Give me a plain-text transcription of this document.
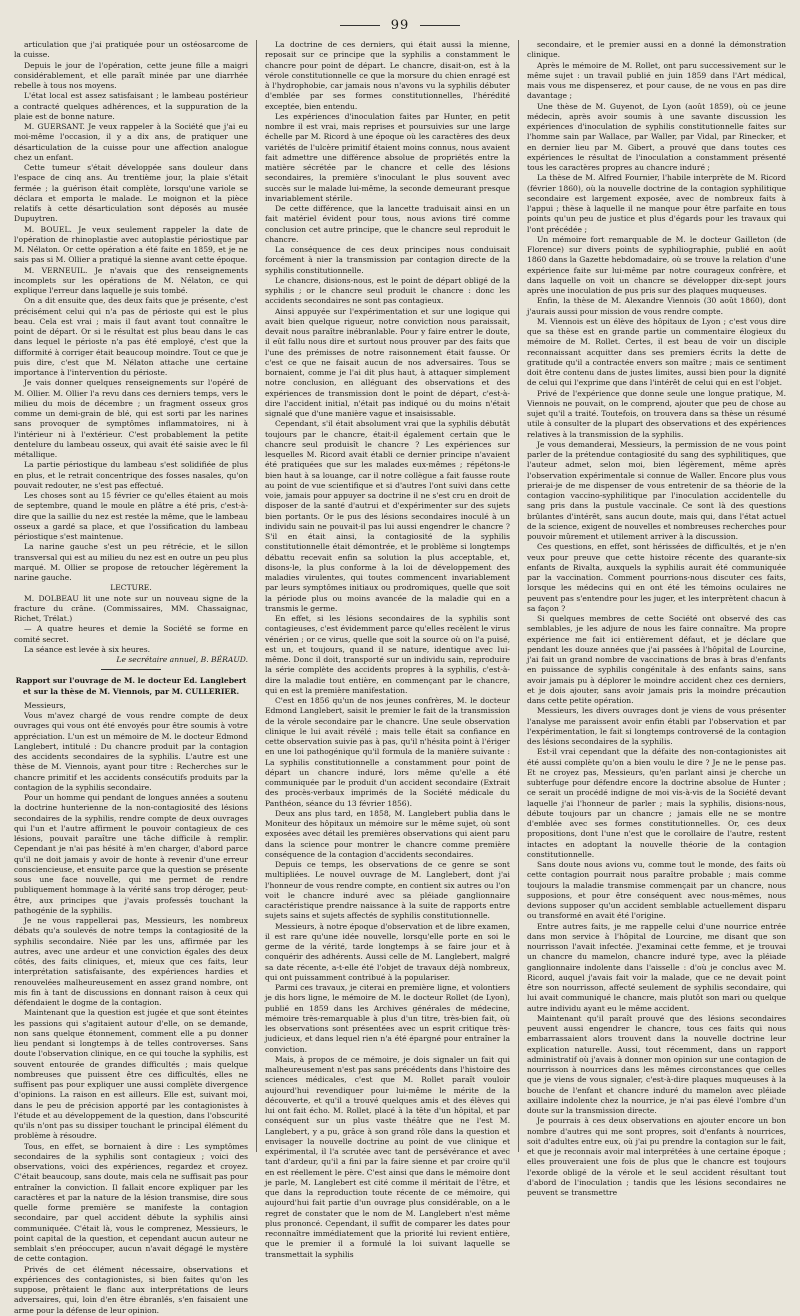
99

articulation que j'ai pratiquée pour un ostéosarcome de la cuisse.

Depuis le jour de l'opération, cette jeune fille a maigri considérablement, et elle paraît minée par une diarrhée rebelle à tous nos moyens.

L'état local est assez satisfaisant ; le lambeau postérieur a contracté quelques adhérences, et la suppuration de la plaie est de bonne nature.

M. GUERSANT. Je veux rappeler à la Société que j'ai eu moi-même l'occasion, il y a dix ans, de pratiquer une désarticulation de la cuisse pour une affection analogue chez un enfant.

Cette tumeur s'était développée sans douleur dans l'espace de cinq ans. Au trentième jour, la plaie s'était fermée ; la guérison était complète, lorsqu'une variole se déclara et emporta le malade. Le moignon et la pièce relatifs à cette désarticulation sont déposés au musée Dupuytren.

M. BOUEL. Je veux seulement rappeler la date de l'opération de rhinoplastie avec autoplastie périostique par M. Nélaton. Or cette opération a été faite en 1859, et je ne sais pas si M. Ollier a pratiqué la sienne avant cette époque.

M. VERNEUIL. Je n'avais que des renseignements incomplets sur les opérations de M. Nélaton, ce qui explique l'erreur dans laquelle je suis tombé.

On a dit ensuite que, des deux faits que je présente, c'est précisément celui qui n'a pas de périoste qui est le plus beau. Cela est vrai ; mais il faut avant tout connaître le point de départ. Or si le résultat est plus beau dans le cas dans lequel le périoste n'a pas été employé, c'est que la difformité à corriger était beaucoup moindre. Tout ce que je puis dire, c'est que M. Nélaton attache une certaine importance à l'intervention du périoste.

Je vais donner quelques renseignements sur l'opéré de M. Ollier. M. Ollier l'a revu dans ces derniers temps, vers le milieu du mois de décembre ; un fragment osseux gros comme un demi-grain de blé, qui est sorti par les narines sans provoquer de symptômes inflammatoires, ni à l'intérieur ni à l'extérieur. C'est probablement la petite dentelure du lambeau osseux, qui avait été saisie avec le fil métallique.

La partie périostique du lambeau s'est solidifiée de plus en plus, et le retrait concentrique des fosses nasales, qu'on pouvait redouter, ne s'est pas effectué.

Les choses sont au 15 février ce qu'elles étaient au mois de septembre, quand le moule en plâtre a été pris, c'est-à-dire que la saillie du nez est restée la même, que le lambeau osseux a gardé sa place, et que l'ossification du lambeau périostique s'est maintenue.

La narine gauche s'est un peu rétrécie, et le sillon transversal qui est au milieu du nez est en outre un peu plus marqué. M. Ollier se propose de retoucher légèrement la narine gauche.

LECTURE.

M. DOLBEAU lit une note sur un nouveau signe de la fracture du crâne. (Commissaires, MM. Chassaignac, Richet, Trélat.)

— A quatre heures et demie la Société se forme en comité secret.

La séance est levée à six heures.

Le secrétaire annuel, B. BÉRAUD.

Rapport sur l'ouvrage de M. le docteur Ed. Langlebert et sur la thèse de M. Viennois, par M. CULLERIER.

Messieurs,

Vous m'avez chargé de vous rendre compte de deux ouvrages qui vous ont été envoyés pour être soumis à votre appréciation. L'un est un mémoire de M. le docteur Edmond Langlebert, intitulé : Du chancre produit par la contagion des accidents secondaires de la syphilis. L'autre est une thèse de M. Viennois, ayant pour titre : Recherches sur le chancre primitif et les accidents consécutifs produits par la contagion de la syphilis secondaire.

Pour un homme qui pendant de longues années a soutenu la doctrine hunterienne de la non-contagiosité des lésions secondaires de la syphilis, rendre compte de deux ouvrages qui l'un et l'autre affirment le pouvoir contagieux de ces lésions, pouvait paraître une tâche difficile à remplir. Cependant je n'ai pas hésité à m'en charger, d'abord parce qu'il ne doit jamais y avoir de honte à revenir d'une erreur consciencieuse, et ensuite parce que la question se présente sous une face nouvelle, qui me permet de rendre publiquement hommage à la vérité sans trop déroger, peut-être, aux principes que j'avais professés touchant la pathogénie de la syphilis.

Je ne vous rappellerai pas, Messieurs, les nombreux débats qu'a soulevés de notre temps la contagiosité de la syphilis secondaire. Niée par les uns, affirmée par les autres, avec une ardeur et une conviction égales des deux côtés, des faits cliniques, et, mieux que ces faits, leur interprétation satisfaisante, des expériences hardies et renouvelées malheureusement en assez grand nombre, ont mis fin à tant de discussions en donnant raison à ceux qui défendaient le dogme de la contagion.

Maintenant que la question est jugée et que sont éteintes les passions qui s'agitaient autour d'elle, on se demande, non sans quelque étonnement, comment elle a pu donner lieu pendant si longtemps à de telles controverses. Sans doute l'observation clinique, en ce qui touche la syphilis, est souvent entourée de grandes difficultés ; mais quelque nombreuses que puissent être ces difficultés, elles ne suffisent pas pour expliquer une aussi complète divergence d'opinions. La raison en est ailleurs. Elle est, suivant moi, dans le peu de précision apporté par les contagionistes à l'étude et au développement de la question, dans l'obscurité qu'ils n'ont pas su dissiper touchant le principal élément du problème à résoudre.

Tous, en effet, se bornaient à dire : Les symptômes secondaires de la syphilis sont contagieux ; voici des observations, voici des expériences, regardez et croyez. C'était beaucoup, sans doute, mais cela ne suffisait pas pour entraîner la conviction. Il fallait encore expliquer par les caractères et par la nature de la lésion transmise, dire sous quelle forme première se manifeste la contagion secondaire, par quel accident débute la syphilis ainsi communiquée. C'était là, vous le comprenez, Messieurs, le point capital de la question, et cependant aucun auteur ne semblait s'en préoccuper, aucun n'avait dégagé le mystère de cette contagion.

Privés de cet élément nécessaire, observations et expériences des contagionistes, si bien faites qu'on les suppose, prêtaient le flanc aux interprétations de leurs adversaires, qui, loin d'en être ébranlés, s'en faisaient une arme pour la défense de leur opinion.

La doctrine de ces derniers, qui était aussi la mienne, reposait sur ce principe que la syphilis a constamment le chancre pour point de départ. Le chancre, disait-on, est à la vérole constitutionnelle ce que la morsure du chien enragé est à l'hydrophobie, car jamais nous n'avons vu la syphilis débuter d'emblée par ses formes constitutionnelles, l'hérédité exceptée, bien entendu.

Les expériences d'inoculation faites par Hunter, en petit nombre il est vrai, mais reprises et poursuivies sur une large échelle par M. Ricord à une époque où les caractères des deux variétés de l'ulcère primitif étaient moins connus, nous avaient fait admettre une différence absolue de propriétés entre la matière sécrétée par le chancre et celle des lésions secondaires, la première s'inoculant le plus souvent avec succès sur le malade lui-même, la seconde demeurant presque invariablement stérile.

De cette différence, que la lancette traduisait ainsi en un fait matériel évident pour tous, nous avions tiré comme conclusion cet autre principe, que le chancre seul reproduit le chancre.

La conséquence de ces deux principes nous conduisait forcément à nier la transmission par contagion directe de la syphilis constitutionnelle.

Le chancre, disions-nous, est le point de départ obligé de la syphilis ; or le chancre seul produit le chancre : donc les accidents secondaires ne sont pas contagieux.

Ainsi appuyée sur l'expérimentation et sur une logique qui avait bien quelque rigueur, notre conviction nous paraissait, devait nous paraître inébranlable. Pour y faire entrer le doute, il eût fallu nous dire et surtout nous prouver par des faits que l'une des prémisses de notre raisonnement était fausse. Or c'est ce que ne faisait aucun de nos adversaires. Tous se bornaient, comme je l'ai dit plus haut, à attaquer simplement notre conclusion, en alléguant des observations et des expériences de transmission dont le point de départ, c'est-à-dire l'accident initial, n'était pas indiqué ou du moins n'était signalé que d'une manière vague et insaisissable.

Cependant, s'il était absolument vrai que la syphilis débutât toujours par le chancre, était-il également certain que le chancre seul produisît le chancre ? Les expériences sur lesquelles M. Ricord avait établi ce dernier principe n'avaient été pratiquées que sur les malades eux-mêmes ; répétons-le bien haut à sa louange, car il notre collègue a fait fausse route au point de vue scientifique et si d'autres l'ont suivi dans cette voie, jamais pour appuyer sa doctrine il ne s'est cru en droit de disposer de la santé d'autrui et d'expérimenter sur des sujets bien portants. Or le pus des lésions secondaires inoculé à un individu sain ne pouvait-il pas lui aussi engendrer le chancre ? S'il en était ainsi, la contagiosité de la syphilis constitutionnelle était démontrée, et le problème si longtemps débattu recevait enfin sa solution la plus acceptable, et, disons-le, la plus conforme à la loi de développement des maladies virulentes, qui toutes commencent invariablement par leurs symptômes initiaux ou prodromiques, quelle que soit la période plus ou moins avancée de la maladie qui en a transmis le germe.

En effet, si les lésions secondaires de la syphilis sont contagieuses, c'est évidemment parce qu'elles recèlent le virus vénérien ; or ce virus, quelle que soit la source où on l'a puisé, est un, et toujours, quand il se nature, identique avec lui-même. Donc il doit, transporté sur un individu sain, reproduire la série complète des accidents propres à la syphilis, c'est-à-dire la maladie tout entière, en commençant par le chancre, qui en est la première manifestation.

C'est en 1856 qu'un de nos jeunes confrères, M. le docteur Edmond Langlebert, saisit le premier le fait de la transmission de la vérole secondaire par le chancre. Une seule observation clinique le lui avait révélé ; mais telle était sa confiance en cette observation suivie pas à pas, qu'il n'hésita point à l'ériger en une loi pathogénique qu'il formula de la manière suivante : La syphilis constitutionnelle a constamment pour point de départ un chancre induré, lors même qu'elle a été communiquée par le produit d'un accident secondaire (Extrait des procès-verbaux imprimés de la Société médicale du Panthéon, séance du 13 février 1856).

Deux ans plus tard, en 1858, M. Langlebert publia dans le Moniteur des hôpitaux un mémoire sur le même sujet, où sont exposées avec détail les premières observations qui aient paru dans la science pour montrer le chancre comme première conséquence de la contagion d'accidents secondaires.

Depuis ce temps, les observations de ce genre se sont multipliées. Le nouvel ouvrage de M. Langlebert, dont j'ai l'honneur de vous rendre compte, en contient six autres ou l'on voit le chancre induré avec sa pléiade ganglionnaire caractéristique prendre naissance à la suite de rapports entre sujets sains et sujets affectés de syphilis constitutionnelle.

Messieurs, à notre époque d'observation et de libre examen, il est rare qu'une idée nouvelle, lorsqu'elle porte en soi le germe de la vérité, tarde longtemps à se faire jour et à conquérir des adhérents. Aussi celle de M. Langlebert, malgré sa date récente, a-t-elle été l'objet de travaux déjà nombreux, qui ont puissamment contribué à la populariser.

Parmi ces travaux, je citerai en première ligne, et volontiers je dis hors ligne, le mémoire de M. le docteur Rollet (de Lyon), publié en 1859 dans les Archives générales de médecine, mémoire très-remarquable à plus d'un titre, très-bien fait, où les observations sont présentées avec un esprit critique très-judicieux, et dans lequel rien n'a été épargné pour entraîner la conviction.

Mais, à propos de ce mémoire, je dois signaler un fait qui malheureusement n'est pas sans précédents dans l'histoire des sciences médicales, c'est que M. Rollet paraît vouloir aujourd'hui revendiquer pour lui-même le mérite de la découverte, et qu'il a trouvé quelques amis et des élèves qui lui ont fait écho. M. Rollet, placé à la tête d'un hôpital, et par conséquent sur un plus vaste théâtre que ne l'est M. Langlebert, y a pu, grâce à son grand rôle dans la question et envisager la nouvelle doctrine au point de vue clinique et expérimental, il l'a scrutée avec tant de persévérance et avec tant d'ardeur, qu'il a fini par la faire sienne et par croire qu'il en est réellement le père. C'est ainsi que dans le mémoire dont je parle, M. Langlebert est cité comme il méritait de l'être, et que dans la reproduction toute récente de ce mémoire, qui aujourd'hui fait partie d'un ouvrage plus considérable, on a le regret de constater que le nom de M. Langlebert n'est même plus prononcé. Cependant, il suffit de comparer les dates pour reconnaître immédiatement que la priorité lui revient entière, que le premier il a formulé la loi suivant laquelle se transmettait la syphilis

secondaire, et le premier aussi en a donné la démonstration clinique.

Après le mémoire de M. Rollet, ont paru successivement sur le même sujet : un travail publié en juin 1859 dans l'Art médical, mais vous me dispenserez, et pour cause, de ne vous en pas dire davantage ;

Une thèse de M. Guyenot, de Lyon (août 1859), où ce jeune médecin, après avoir soumis à une savante discussion les expériences d'inoculation de syphilis constitutionnelle faites sur l'homme sain par Wallace, par Waller, par Vidal, par Rinecker, et en dernier lieu par M. Gibert, a prouvé que dans toutes ces expériences le résultat de l'inoculation a constamment présenté tous les caractères propres au chancre induré ;

La thèse de M. Alfred Fournier, l'habile interprète de M. Ricord (février 1860), où la nouvelle doctrine de la contagion syphilitique secondaire est largement exposée, avec de nombreux faits à l'appui ; thèse à laquelle il ne manque pour être parfaite en tous points qu'un peu de justice et plus d'égards pour les travaux qui l'ont précédée ;

Un mémoire fort remarquable de M. le docteur Gailleton (de Florence) sur divers points de syphiliographie, publié en août 1860 dans la Gazette hebdomadaire, où se trouve la relation d'une expérience faite sur lui-même par notre courageux confrère, et dans laquelle on voit un chancre se développer dix-sept jours après une inoculation de pus pris sur des plaques muqueuses.

Enfin, la thèse de M. Alexandre Viennois (30 août 1860), dont j'aurais aussi pour mission de vous rendre compte.

M. Viennois est un élève des hôpitaux de Lyon ; c'est vous dire que sa thèse est en grande partie un commentaire élogieux du mémoire de M. Rollet. Certes, il est beau de voir un disciple reconnaissant acquitter dans ses premiers écrits la dette de gratitude qu'il a contractée envers son maître ; mais ce sentiment doit être contenu dans de justes limites, aussi bien pour la dignité de celui qui l'exprime que dans l'intérêt de celui qui en est l'objet.

Privé de l'expérience que donne seule une longue pratique, M. Viennois ne pouvait, on le comprend, ajouter que peu de chose au sujet qu'il a traité. Toutefois, on trouvera dans sa thèse un résumé utile à consulter de la plupart des observations et des expériences relatives à la transmission de la syphilis.

Je vous demanderai, Messieurs, la permission de ne vous point parler de la prétendue contagiosité du sang des syphilitiques, que l'auteur admet, selon moi, bien légèrement, même après l'observation expérimentale si connue de Waller. Encore plus vous prierai-je de me dispenser de vous entretenir de sa théorie de la contagion vaccino-syphilitique par l'inoculation accidentelle du sang pris dans la pustule vaccinale. Ce sont là des questions brûlantes d'intérêt, sans aucun doute, mais qui, dans l'état actuel de la science, exigent de nouvelles et nombreuses recherches pour pouvoir mûrement et utilement arriver à la discussion.

Ces questions, en effet, sont hérissées de difficultés, et je n'en veux pour preuve que cette histoire récente des quarante-six enfants de Rivalta, auxquels la syphilis aurait été communiquée par la vaccination. Comment pourrions-nous discuter ces faits, lorsque les médecins qui en ont été les témoins oculaires ne peuvent pas s'entendre pour les juger, et les interprètent chacun à sa façon ?

Si quelques membres de cette Société ont observé des cas semblables, je les adjure de nous les faire connaître. Ma propre expérience me fait ici entièrement défaut, et je déclare que pendant les douze années que j'ai passées à l'hôpital de Lourcine, j'ai fait un grand nombre de vaccinations de bras à bras d'enfants en puissance de syphilis congénitale à des enfants sains, sans avoir jamais pu à déplorer le moindre accident chez ces derniers, et je dois ajouter, sans avoir jamais pris la moindre précaution dans cette petite opération.

Messieurs, les divers ouvrages dont je viens de vous présenter l'analyse me paraissent avoir enfin établi par l'observation et par l'expérimentation, le fait si longtemps controversé de la contagion des lésions secondaires de la syphilis.

Est-il vrai cependant que la défaite des non-contagionistes ait été aussi complète qu'on a bien voulu le dire ? Je ne le pense pas. Et ne croyez pas, Messieurs, qu'en parlant ainsi je cherche un subterfuge pour défendre encore la doctrine absolue de Hunter ; ce serait un procédé indigne de moi vis-à-vis de la Société devant laquelle j'ai l'honneur de parler ; mais la syphilis, disions-nous, débute toujours par un chancre ; jamais elle ne se montre d'emblée avec ses formes constitutionnelles. Or, ces deux propositions, dont l'une n'est que le corollaire de l'autre, restent intactes en adoptant la nouvelle théorie de la contagion constitutionnelle.

Sans doute nous avions vu, comme tout le monde, des faits où cette contagion pourrait nous paraître probable ; mais comme toujours la maladie transmise commençait par un chancre, nous supposions, et pour être conséquent avec nous-mêmes, nous devions supposer qu'un accident semblable actuellement disparu ou transformé en avait été l'origine.

Entre autres faits, je me rappelle celui d'une nourrice entrée dans mon service à l'hôpital de Lourcine, me disant que son nourrisson l'avait infectée. J'examinai cette femme, et je trouvai un chancre du mamelon, chancre induré type, avec la pléiade ganglionnaire indolente dans l'aisselle : d'où je conclus avec M. Ricord, auquel j'avais fait voir la malade, que ce ne devait point être son nourrisson, affecté seulement de syphilis secondaire, qui lui avait communiqué le chancre, mais plutôt son mari ou quelque autre individu ayant eu le même accident.

Maintenant qu'il paraît prouvé que des lésions secondaires peuvent aussi engendrer le chancre, tous ces faits qui nous embarrassaient alors trouvent dans la nouvelle doctrine leur explication naturelle. Aussi, tout récemment, dans un rapport administratif où j'avais à donner mon opinion sur une contagion de nourrisson à nourrices dans les mêmes circonstances que celles que je viens de vous signaler, c'est-à-dire plaques muqueuses à la bouche de l'enfant et chancre induré du mamelon avec pléiade axillaire indolente chez la nourrice, je n'ai pas élevé l'ombre d'un doute sur la transmission directe.

Je pourrais à ces deux observations en ajouter encore un bon nombre d'autres qui me sont propres, soit d'enfants à nourrices, soit d'adultes entre eux, où j'ai pu prendre la contagion sur le fait, et que je reconnais avoir mal interprétées à une certaine époque ; elles prouveraient une fois de plus que le chancre est toujours l'exorde obligé de la vérole et le seul accident résultant tout d'abord de l'inoculation ; tandis que les lésions secondaires ne peuvent se transmettre
